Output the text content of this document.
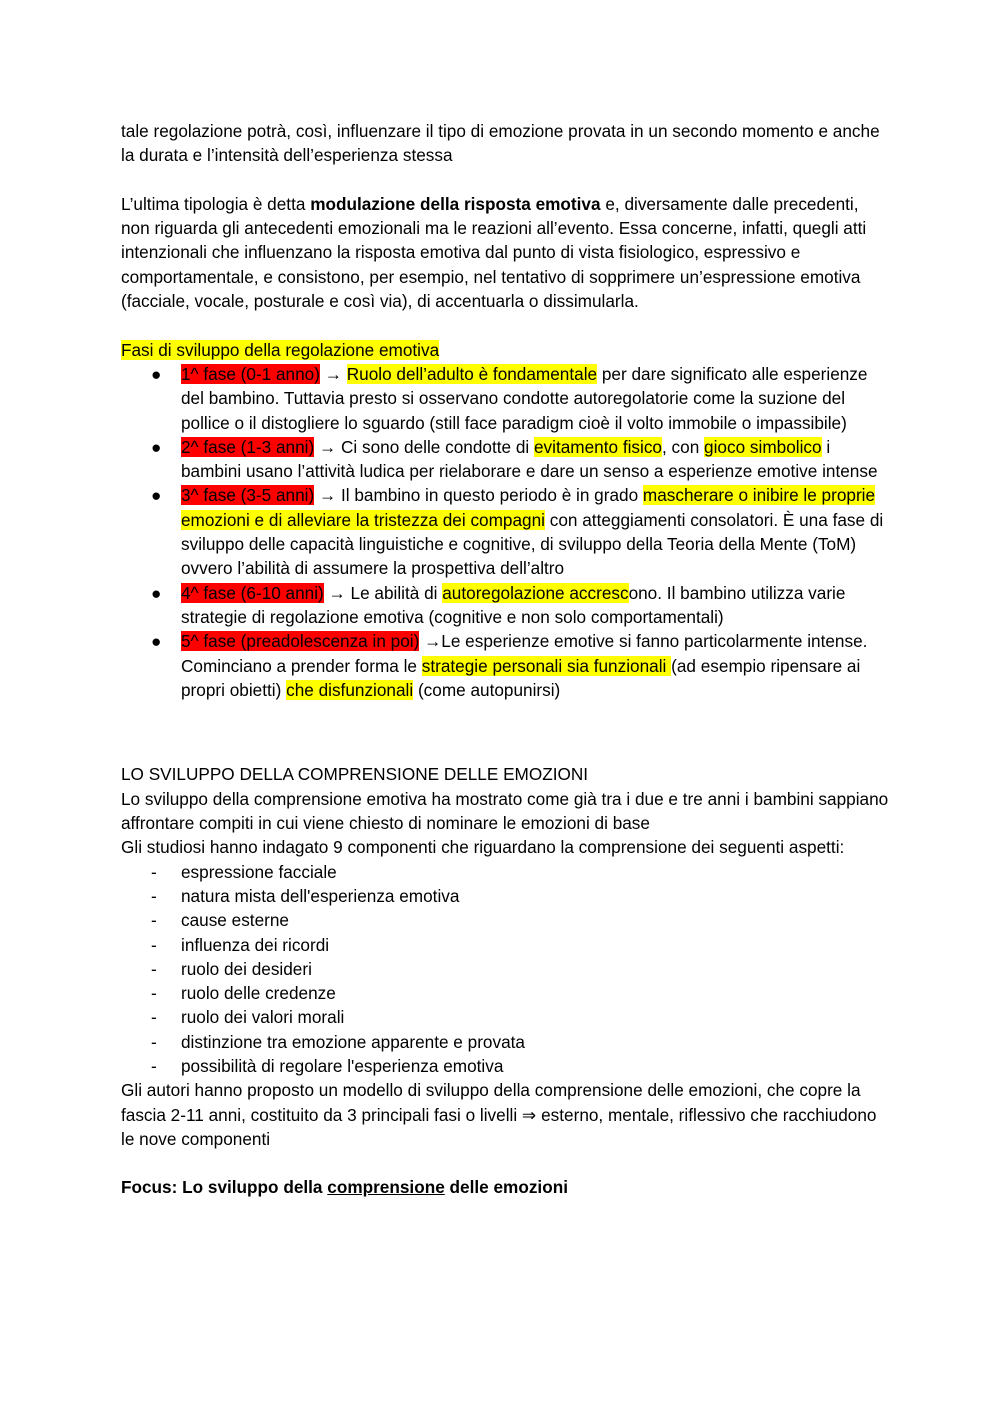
tale regolazione potrà, così, influenzare il tipo di emozione provata in un secondo momento e anche la durata e l’intensità dell’esperienza stessa

L’ultima tipologia è detta modulazione della risposta emotiva e, diversamente dalle precedenti, non riguarda gli antecedenti emozionali ma le reazioni all’evento. Essa concerne, infatti, quegli atti intenzionali che influenzano la risposta emotiva dal punto di vista fisiologico, espressivo e comportamentale, e consistono, per esempio, nel tentativo di sopprimere un’espressione emotiva (facciale, vocale, posturale e così via), di accentuarla o dissimularla.

Fasi di sviluppo della regolazione emotiva

● 1^ fase (0-1 anno) → Ruolo dell’adulto è fondamentale per dare significato alle esperienze del bambino. Tuttavia presto si osservano condotte autoregolatorie come la suzione del pollice o il distogliere lo sguardo (still face paradigm cioè il volto immobile o impassibile)
● 2^ fase (1-3 anni) → Ci sono delle condotte di evitamento fisico, con gioco simbolico i bambini usano l’attività ludica per rielaborare e dare un senso a esperienze emotive intense
● 3^ fase (3-5 anni) → Il bambino in questo periodo è in grado mascherare o inibire le proprie emozioni e di alleviare la tristezza dei compagni con atteggiamenti consolatori. È una fase di sviluppo delle capacità linguistiche e cognitive, di sviluppo della Teoria della Mente (ToM) ovvero l’abilità di assumere la prospettiva dell’altro
● 4^ fase (6-10 anni) → Le abilità di autoregolazione accrescono. Il bambino utilizza varie strategie di regolazione emotiva (cognitive e non solo comportamentali)
● 5^ fase (preadolescenza in poi) →Le esperienze emotive si fanno particolarmente intense. Cominciano a prender forma le strategie personali sia funzionali (ad esempio ripensare ai propri obietti) che disfunzionali (come autopunirsi)

LO SVILUPPO DELLA COMPRENSIONE DELLE EMOZIONI

Lo sviluppo della comprensione emotiva ha mostrato come già tra i due e tre anni i bambini sappiano affrontare compiti in cui viene chiesto di nominare le emozioni di base

Gli studiosi hanno indagato 9 componenti che riguardano la comprensione dei seguenti aspetti:

- espressione facciale
- natura mista dell'esperienza emotiva
- cause esterne
- influenza dei ricordi
- ruolo dei desideri
- ruolo delle credenze
- ruolo dei valori morali
- distinzione tra emozione apparente e provata
- possibilità di regolare l'esperienza emotiva

Gli autori hanno proposto un modello di sviluppo della comprensione delle emozioni, che copre la fascia 2-11 anni, costituito da 3 principali fasi o livelli ⇒ esterno, mentale, riflessivo che racchiudono le nove componenti

Focus: Lo sviluppo della comprensione delle emozioni
